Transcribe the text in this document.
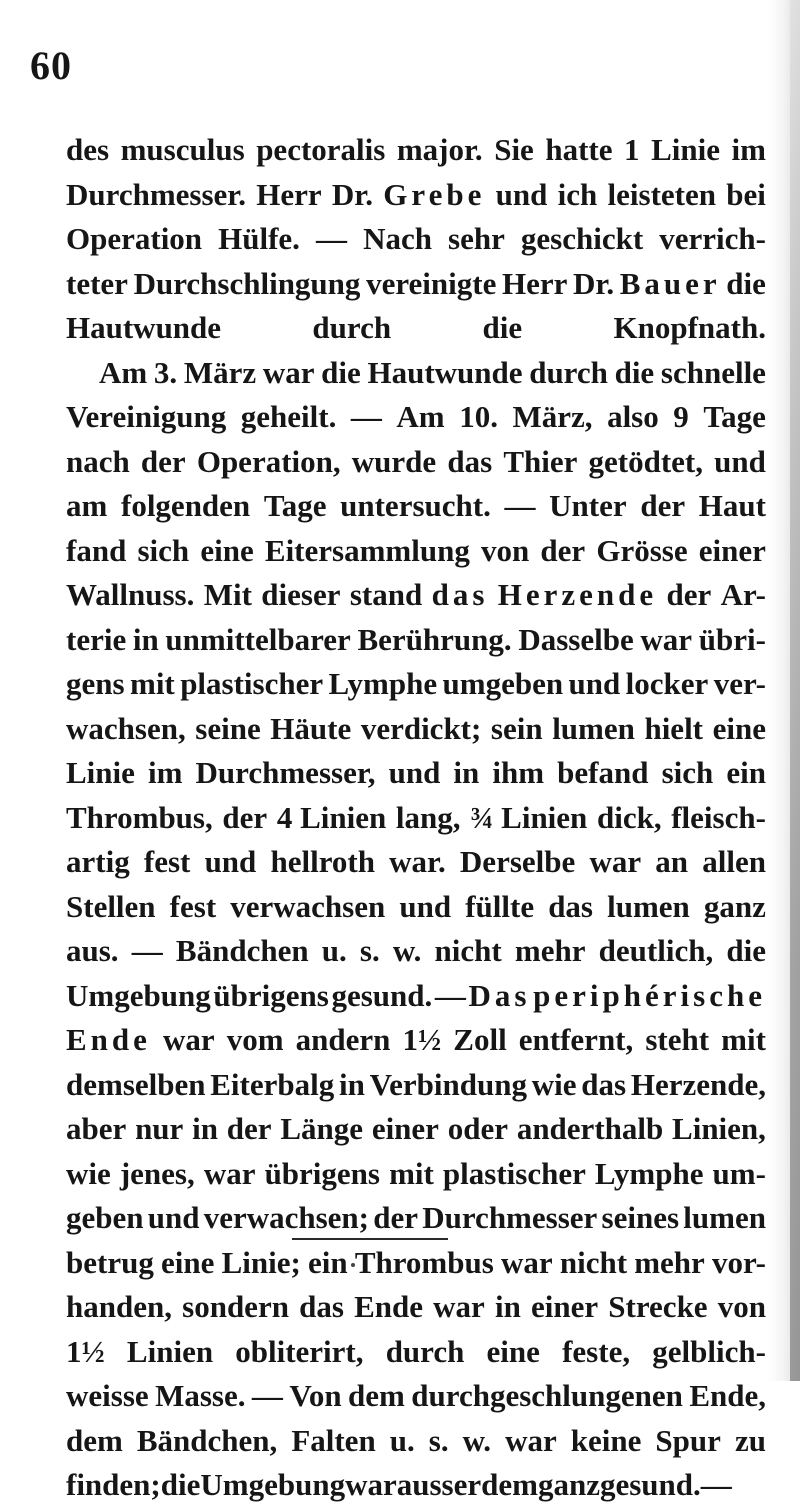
60
des musculus pectoralis major. Sie hatte 1 Linie im
Durchmesser. Herr Dr. Grebe und ich leisteten bei
Operation Hülfe. — Nach sehr geschickt verrich-
teter Durchschlingung vereinigte Herr Dr. Bauer die
Hautwunde	durch	die	Knopfnath.
Am 3. März war die Hautwunde durch die schnelle
Vereinigung geheilt. — Am 10. März, also 9 Tage
nach der Operation, wurde das Thier getödtet, und
am folgenden Tage untersucht. — Unter der Haut
fand sich eine Eitersammlung von der Grösse einer
Wallnuss. Mit dieser stand das Herzende der Ar-
terie in unmittelbarer Berührung. Dasselbe war übri-
gens mit plastischer Lymphe umgeben und locker ver-
wachsen, seine Häute verdickt; sein lumen hielt eine
Linie im Durchmesser, und in ihm befand sich ein
Thrombus, der 4 Linien lang, ¾ Linien dick, fleisch-
artig fest und hellroth war. Derselbe war an allen
Stellen fest verwachsen und füllte das lumen ganz
aus. — Bändchen u. s. w. nicht mehr deutlich, die
Umgebung übrigens gesund. — Das periphérische
Ende war vom andern 1½ Zoll entfernt, steht mit
demselben Eiterbalg in Verbindung wie das Herzende,
aber nur in der Länge einer oder anderthalb Linien,
wie jenes, war übrigens mit plastischer Lymphe um-
geben und verwachsen; der Durchmesser seines lumen
betrug eine Linie; ein Thrombus war nicht mehr vor-
handen, sondern das Ende war in einer Strecke von
1½ Linien obliterirt, durch eine feste, gelblich-
weisse Masse. — Von dem durchgeschlungenen Ende,
dem Bändchen, Falten u. s. w. war keine Spur zu
finden; die Umgebung war ausserdem ganz gesund. —
